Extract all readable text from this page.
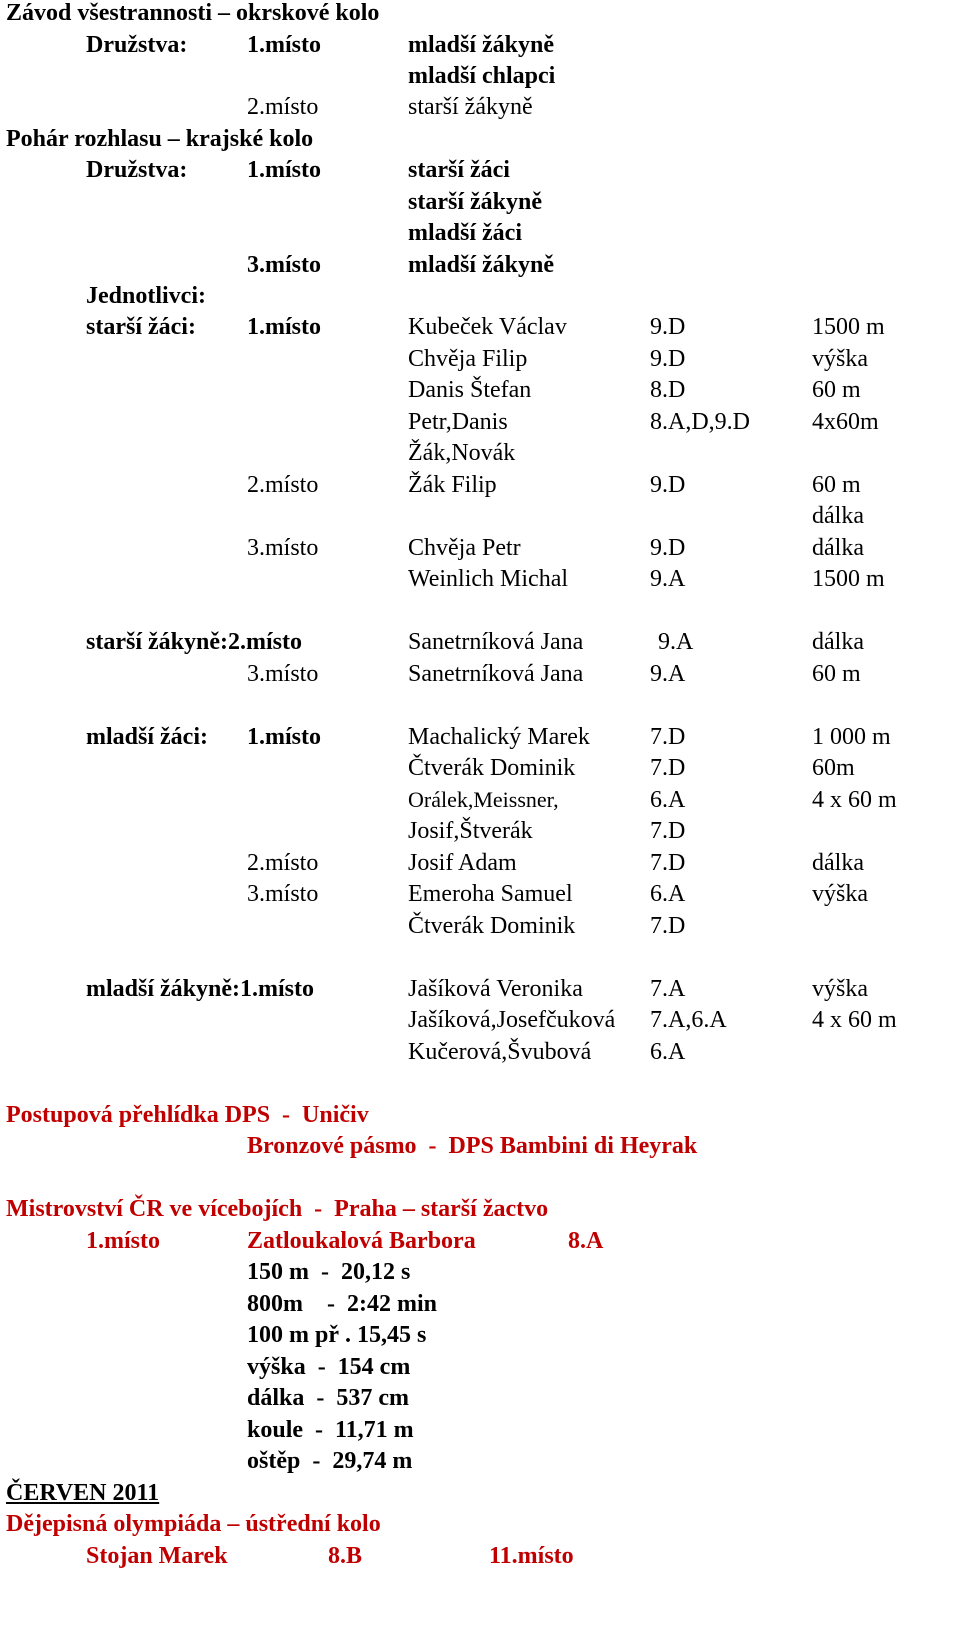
Závod všestrannosti – okrskové kolo
Družstva: 1.místo	mladší žákyně
mladší chlapci
2.místo	starší žákyně
Pohár rozhlasu – krajské kolo
Družstva: 1.místo	starší žáci
starší žákyně
mladší žáci
3.místo	mladší žákyně
Jednotlivci:
starší žáci: 1.místo	Kubeček Václav	9.D	1500 m
Chvěja Filip	9.D	výška
Danis Štefan	8.D	60 m
Petr,Danis	8.A,D,9.D	4x60m
Žák,Novák
2.místo	Žák Filip	9.D	60 m
dálka
3.místo	Chvěja Petr	9.D	dálka
Weinlich Michal	9.A	1500 m
starší žákyně:2.místo	Sanetrníková Jana	9.A	dálka
3.místo	Sanetrníková Jana	9.A	60 m
mladší žáci: 1.místo	Machalický Marek	7.D	1 000 m
Čtverák Dominik	7.D	60m
Orálek,Meissner,	6.A	4 x 60 m
Josif,Štverák	7.D
2.místo	Josif Adam	7.D	dálka
3.místo	Emeroha Samuel	6.A	výška
Čtverák Dominik	7.D
mladší žákyně:1.místo	Jašíková Veronika	7.A	výška
Jašíková,Josefčuková 7.A,6.A	4 x 60 m
Kučerová,Švubová 6.A
Postupová přehlídka DPS  -  Uničiv
Bronzové pásmo  -  DPS Bambini di Heyrak
Mistrovství ČR ve vícebojích  -  Praha – starší žactvo
1.místo	Zatloukalová Barbora	8.A
150 m  -  20,12 s
800m    -  2:42 min
100 m př . 15,45 s
výška  -  154 cm
dálka  -  537 cm
koule  -  11,71 m
oštěp  -  29,74 m
ČERVEN 2011
Dějepisná olympiáda – ústřední kolo
Stojan Marek	8.B	11.místo
